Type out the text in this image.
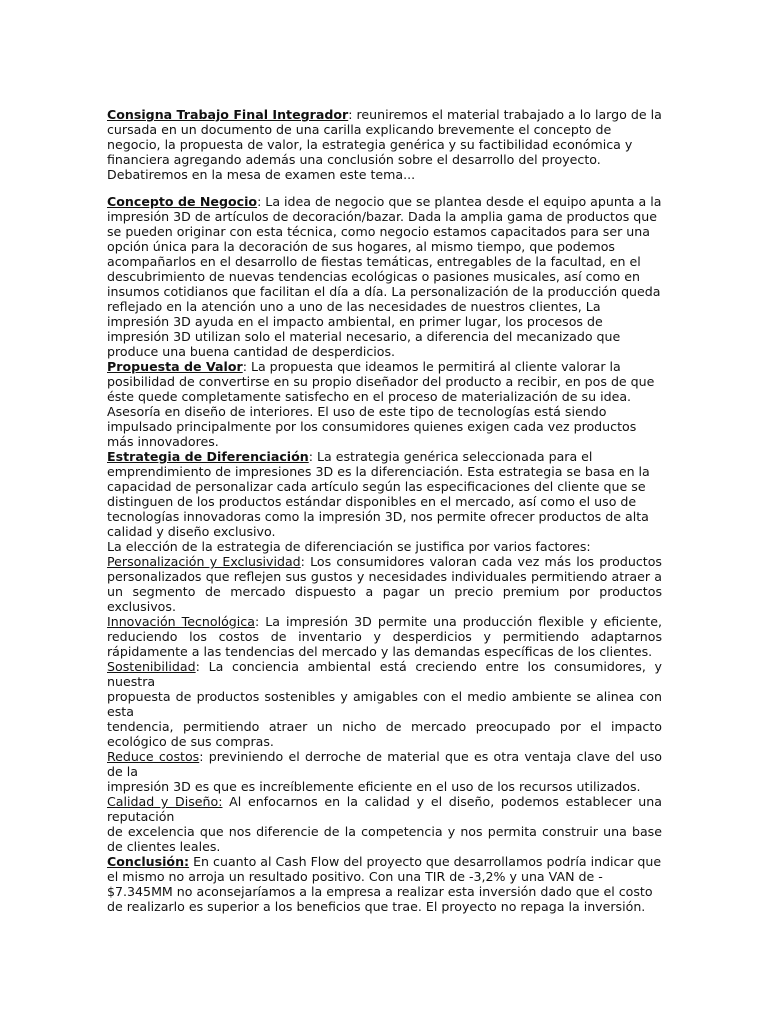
Consigna Trabajo Final Integrador: reuniremos el material trabajado a lo largo de la cursada en un documento de una carilla explicando brevemente el concepto de negocio, la propuesta de valor, la estrategia genérica y su factibilidad económica y financiera agregando además una conclusión sobre el desarrollo del proyecto. Debatiremos en la mesa de examen este tema...

Concepto de Negocio: La idea de negocio que se plantea desde el equipo apunta a la impresión 3D de artículos de decoración/bazar. Dada la amplia gama de productos que se pueden originar con esta técnica, como negocio estamos capacitados para ser una opción única para la decoración de sus hogares, al mismo tiempo, que podemos acompañarlos en el desarrollo de fiestas temáticas, entregables de la facultad, en el descubrimiento de nuevas tendencias ecológicas o pasiones musicales, así como en insumos cotidianos que facilitan el día a día. La personalización de la producción queda reflejado en la atención uno a uno de las necesidades de nuestros clientes, La impresión 3D ayuda en el impacto ambiental, en primer lugar, los procesos de impresión 3D utilizan solo el material necesario, a diferencia del mecanizado que produce una buena cantidad de desperdicios.

Propuesta de Valor: La propuesta que ideamos le permitirá al cliente valorar la posibilidad de convertirse en su propio diseñador del producto a recibir, en pos de que éste quede completamente satisfecho en el proceso de materialización de su idea. Asesoría en diseño de interiores. El uso de este tipo de tecnologías está siendo impulsado principalmente por los consumidores quienes exigen cada vez productos más innovadores.

Estrategia de Diferenciación: La estrategia genérica seleccionada para el emprendimiento de impresiones 3D es la diferenciación. Esta estrategia se basa en la capacidad de personalizar cada artículo según las especificaciones del cliente que se distinguen de los productos estándar disponibles en el mercado, así como el uso de tecnologías innovadoras como la impresión 3D, nos permite ofrecer productos de alta calidad y diseño exclusivo.

La elección de la estrategia de diferenciación se justifica por varios factores:

Personalización y Exclusividad: Los consumidores valoran cada vez más los productos personalizados que reflejen sus gustos y necesidades individuales permitiendo atraer a un segmento de mercado dispuesto a pagar un precio premium por productos exclusivos.

Innovación Tecnológica: La impresión 3D permite una producción flexible y eficiente, reduciendo los costos de inventario y desperdicios y permitiendo adaptarnos rápidamente a las tendencias del mercado y las demandas específicas de los clientes.

Sostenibilidad: La conciencia ambiental está creciendo entre los consumidores, y nuestra

propuesta de productos sostenibles y amigables con el medio ambiente se alinea con esta

tendencia, permitiendo atraer un nicho de mercado preocupado por el impacto ecológico de sus compras.

Reduce costos: previniendo el derroche de material que es otra ventaja clave del uso de la

impresión 3D es que es increíblemente eficiente en el uso de los recursos utilizados.

Calidad y Diseño: Al enfocarnos en la calidad y el diseño, podemos establecer una reputación

de excelencia que nos diferencie de la competencia y nos permita construir una base de clientes leales.

Conclusión: En cuanto al Cash Flow del proyecto que desarrollamos podría indicar que el mismo no arroja un resultado positivo. Con una TIR de -3,2% y una VAN de - $7.345MM no aconsejaríamos a la empresa a realizar esta inversión dado que el costo de realizarlo es superior a los beneficios que trae. El proyecto no repaga la inversión.
